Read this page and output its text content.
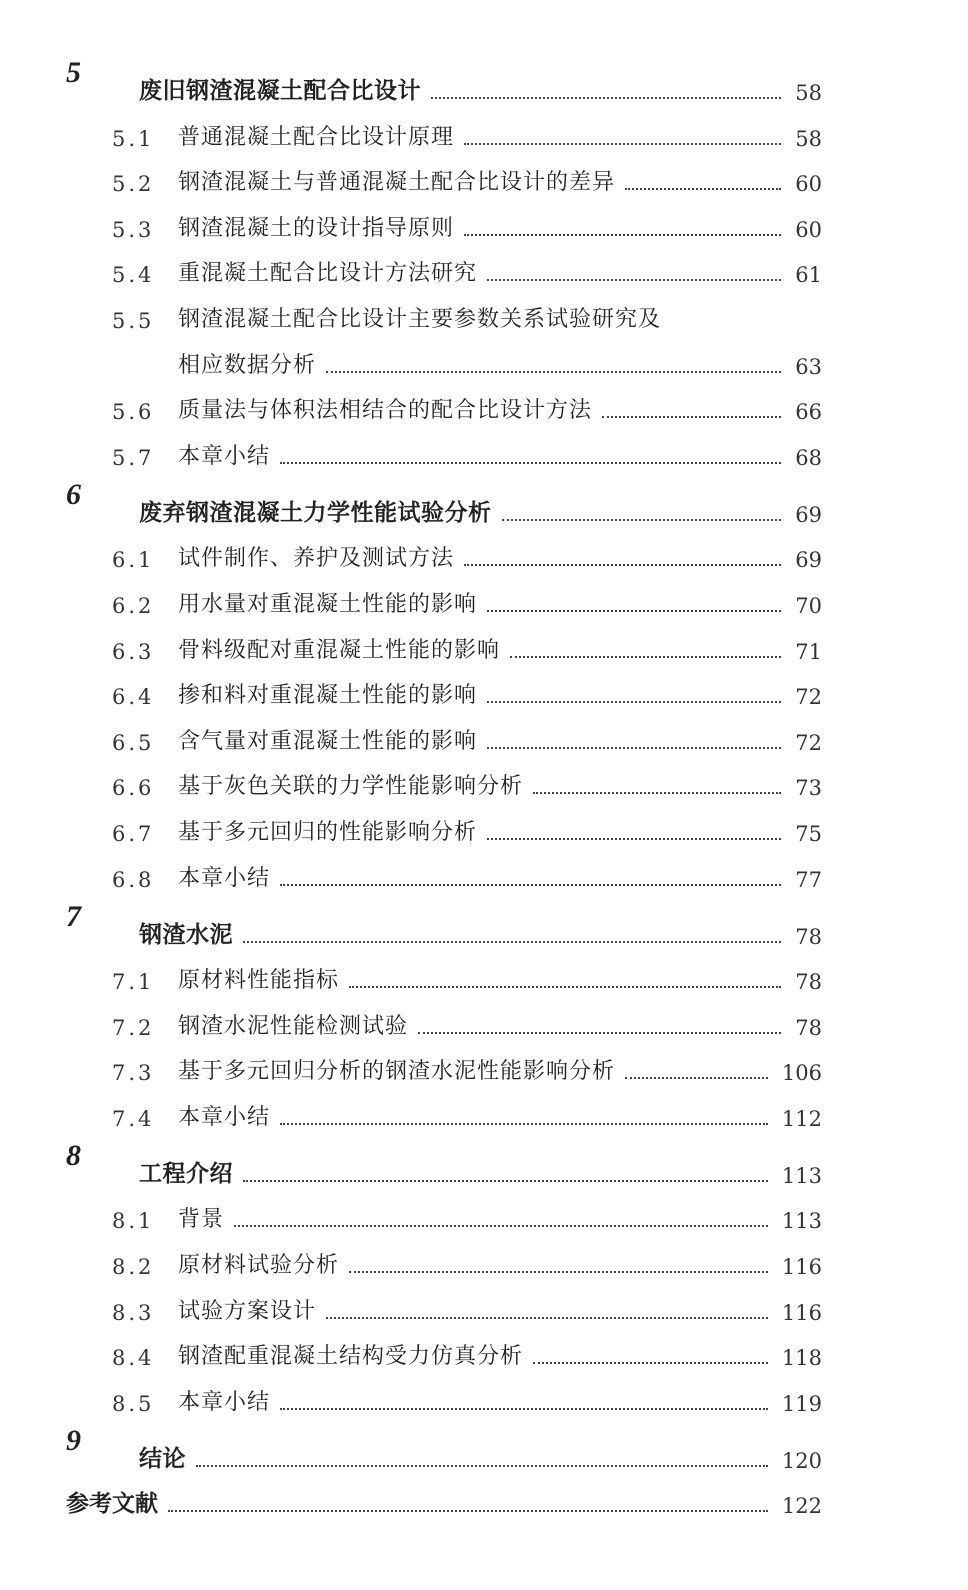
5
废旧钢渣混凝土配合比设计	58
5.1 普通混凝土配合比设计原理	58
5.2 钢渣混凝土与普通混凝土配合比设计的差异	60
5.3 钢渣混凝土的设计指导原则	60
5.4 重混凝土配合比设计方法研究	61
5.5 钢渣混凝土配合比设计主要参数关系试验研究及
相应数据分析	63
5.6 质量法与体积法相结合的配合比设计方法	66
5.7 本章小结	68
6
废弃钢渣混凝土力学性能试验分析	69
6.1 试件制作、养护及测试方法	69
6.2 用水量对重混凝土性能的影响	70
6.3 骨料级配对重混凝土性能的影响	71
6.4 掺和料对重混凝土性能的影响	72
6.5 含气量对重混凝土性能的影响	72
6.6 基于灰色关联的力学性能影响分析	73
6.7 基于多元回归的性能影响分析	75
6.8 本章小结	77
7
钢渣水泥	78
7.1 原材料性能指标	78
7.2 钢渣水泥性能检测试验	78
7.3 基于多元回归分析的钢渣水泥性能影响分析	106
7.4 本章小结	112
8
工程介绍	113
8.1 背景	113
8.2 原材料试验分析	116
8.3 试验方案设计	116
8.4 钢渣配重混凝土结构受力仿真分析	118
8.5 本章小结	119
9
结论	120
参考文献	122
